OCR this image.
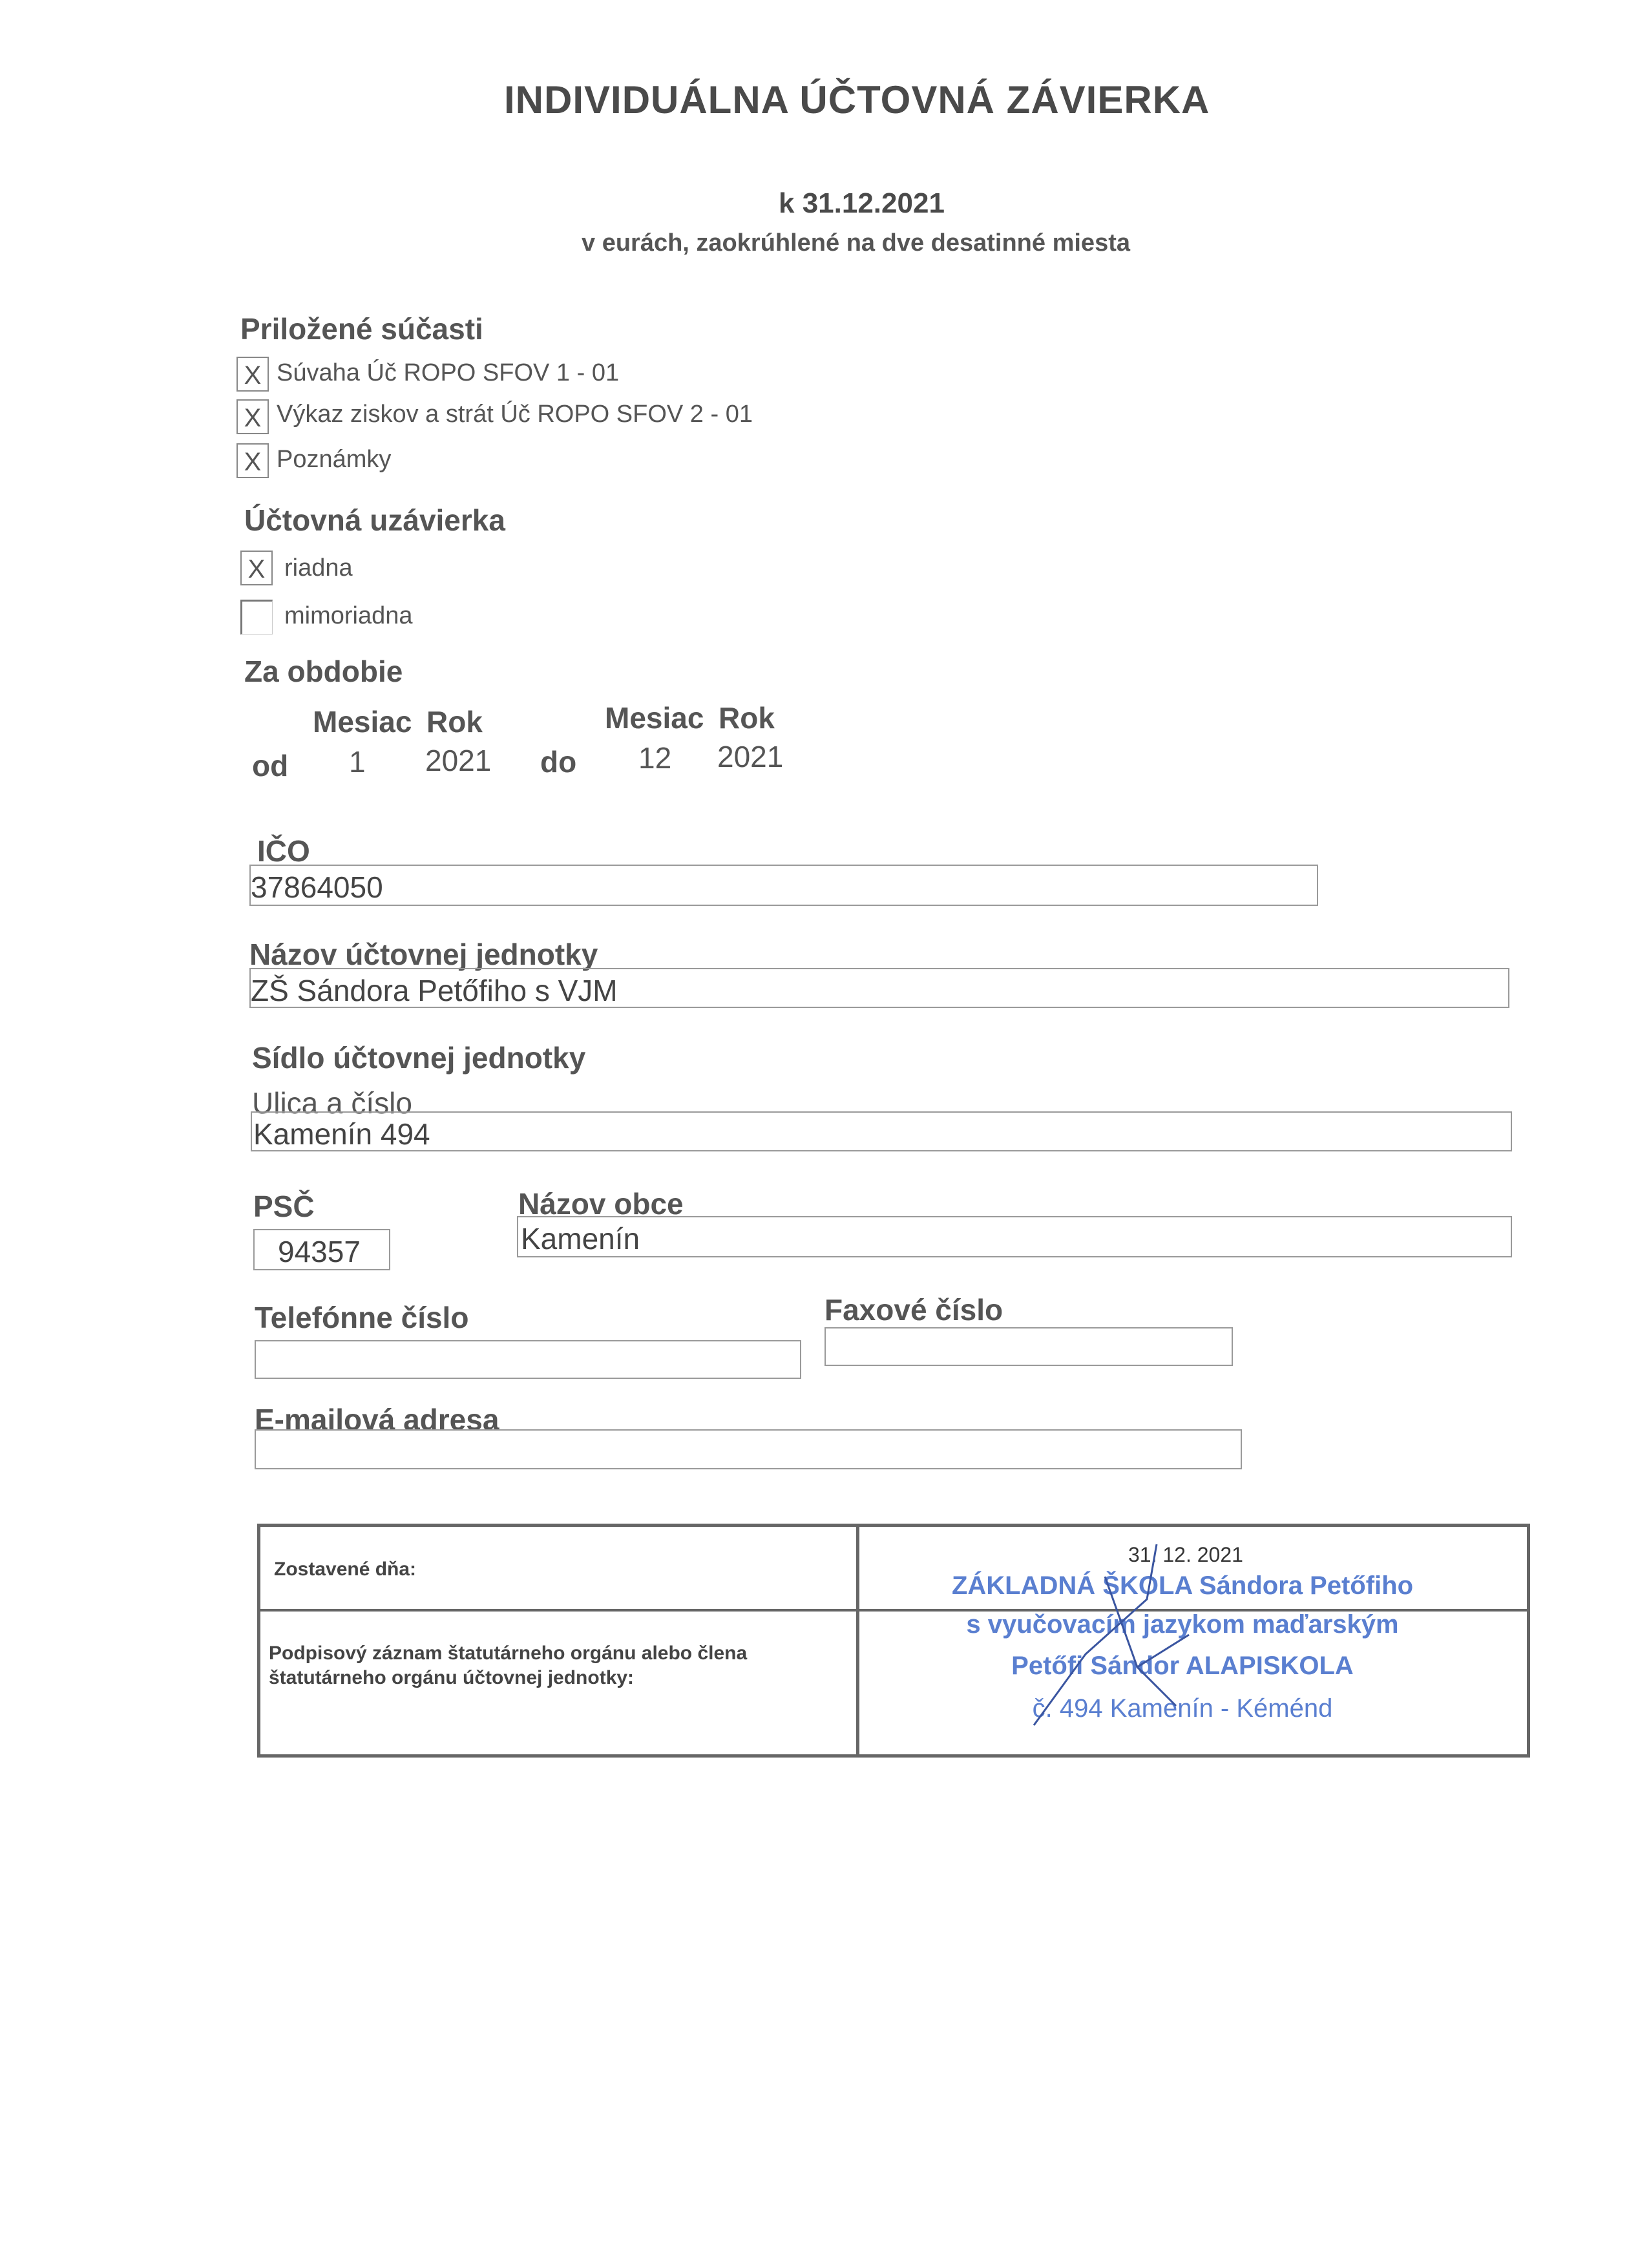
INDIVIDUÁLNA ÚČTOVNÁ ZÁVIERKA
k 31.12.2021
v eurách, zaokrúhlené na dve desatinné miesta
Priložené súčasti
X Súvaha Úč ROPO SFOV 1 - 01
X Výkaz ziskov a strát Úč ROPO SFOV 2 - 01
X Poznámky
Účtovná uzávierka
X riadna
mimoriadna
Za obdobie
Mesiac Rok	Mesiac Rok
od 1 2021 do 12 2021
IČO
37864050
Názov účtovnej jednotky
ZŠ Sándora Petőfiho s VJM
Sídlo účtovnej jednotky
Ulica a číslo
Kamenín 494
PSČ
94357
Názov obce
Kamenín
Telefónne číslo	Faxové číslo
E-mailová adresa
Zostavené dňa:
31. 12. 2021
Podpisový záznam štatutárneho orgánu alebo člena
štatutárneho orgánu účtovnej jednotky:
ZÁKLADNÁ ŠKOLA Sándora Petőfiho
s vyučovacím jazykom maďarským
Petőfi Sándor ALAPISKOLA
č. 494 Kamenín - Kéménd
